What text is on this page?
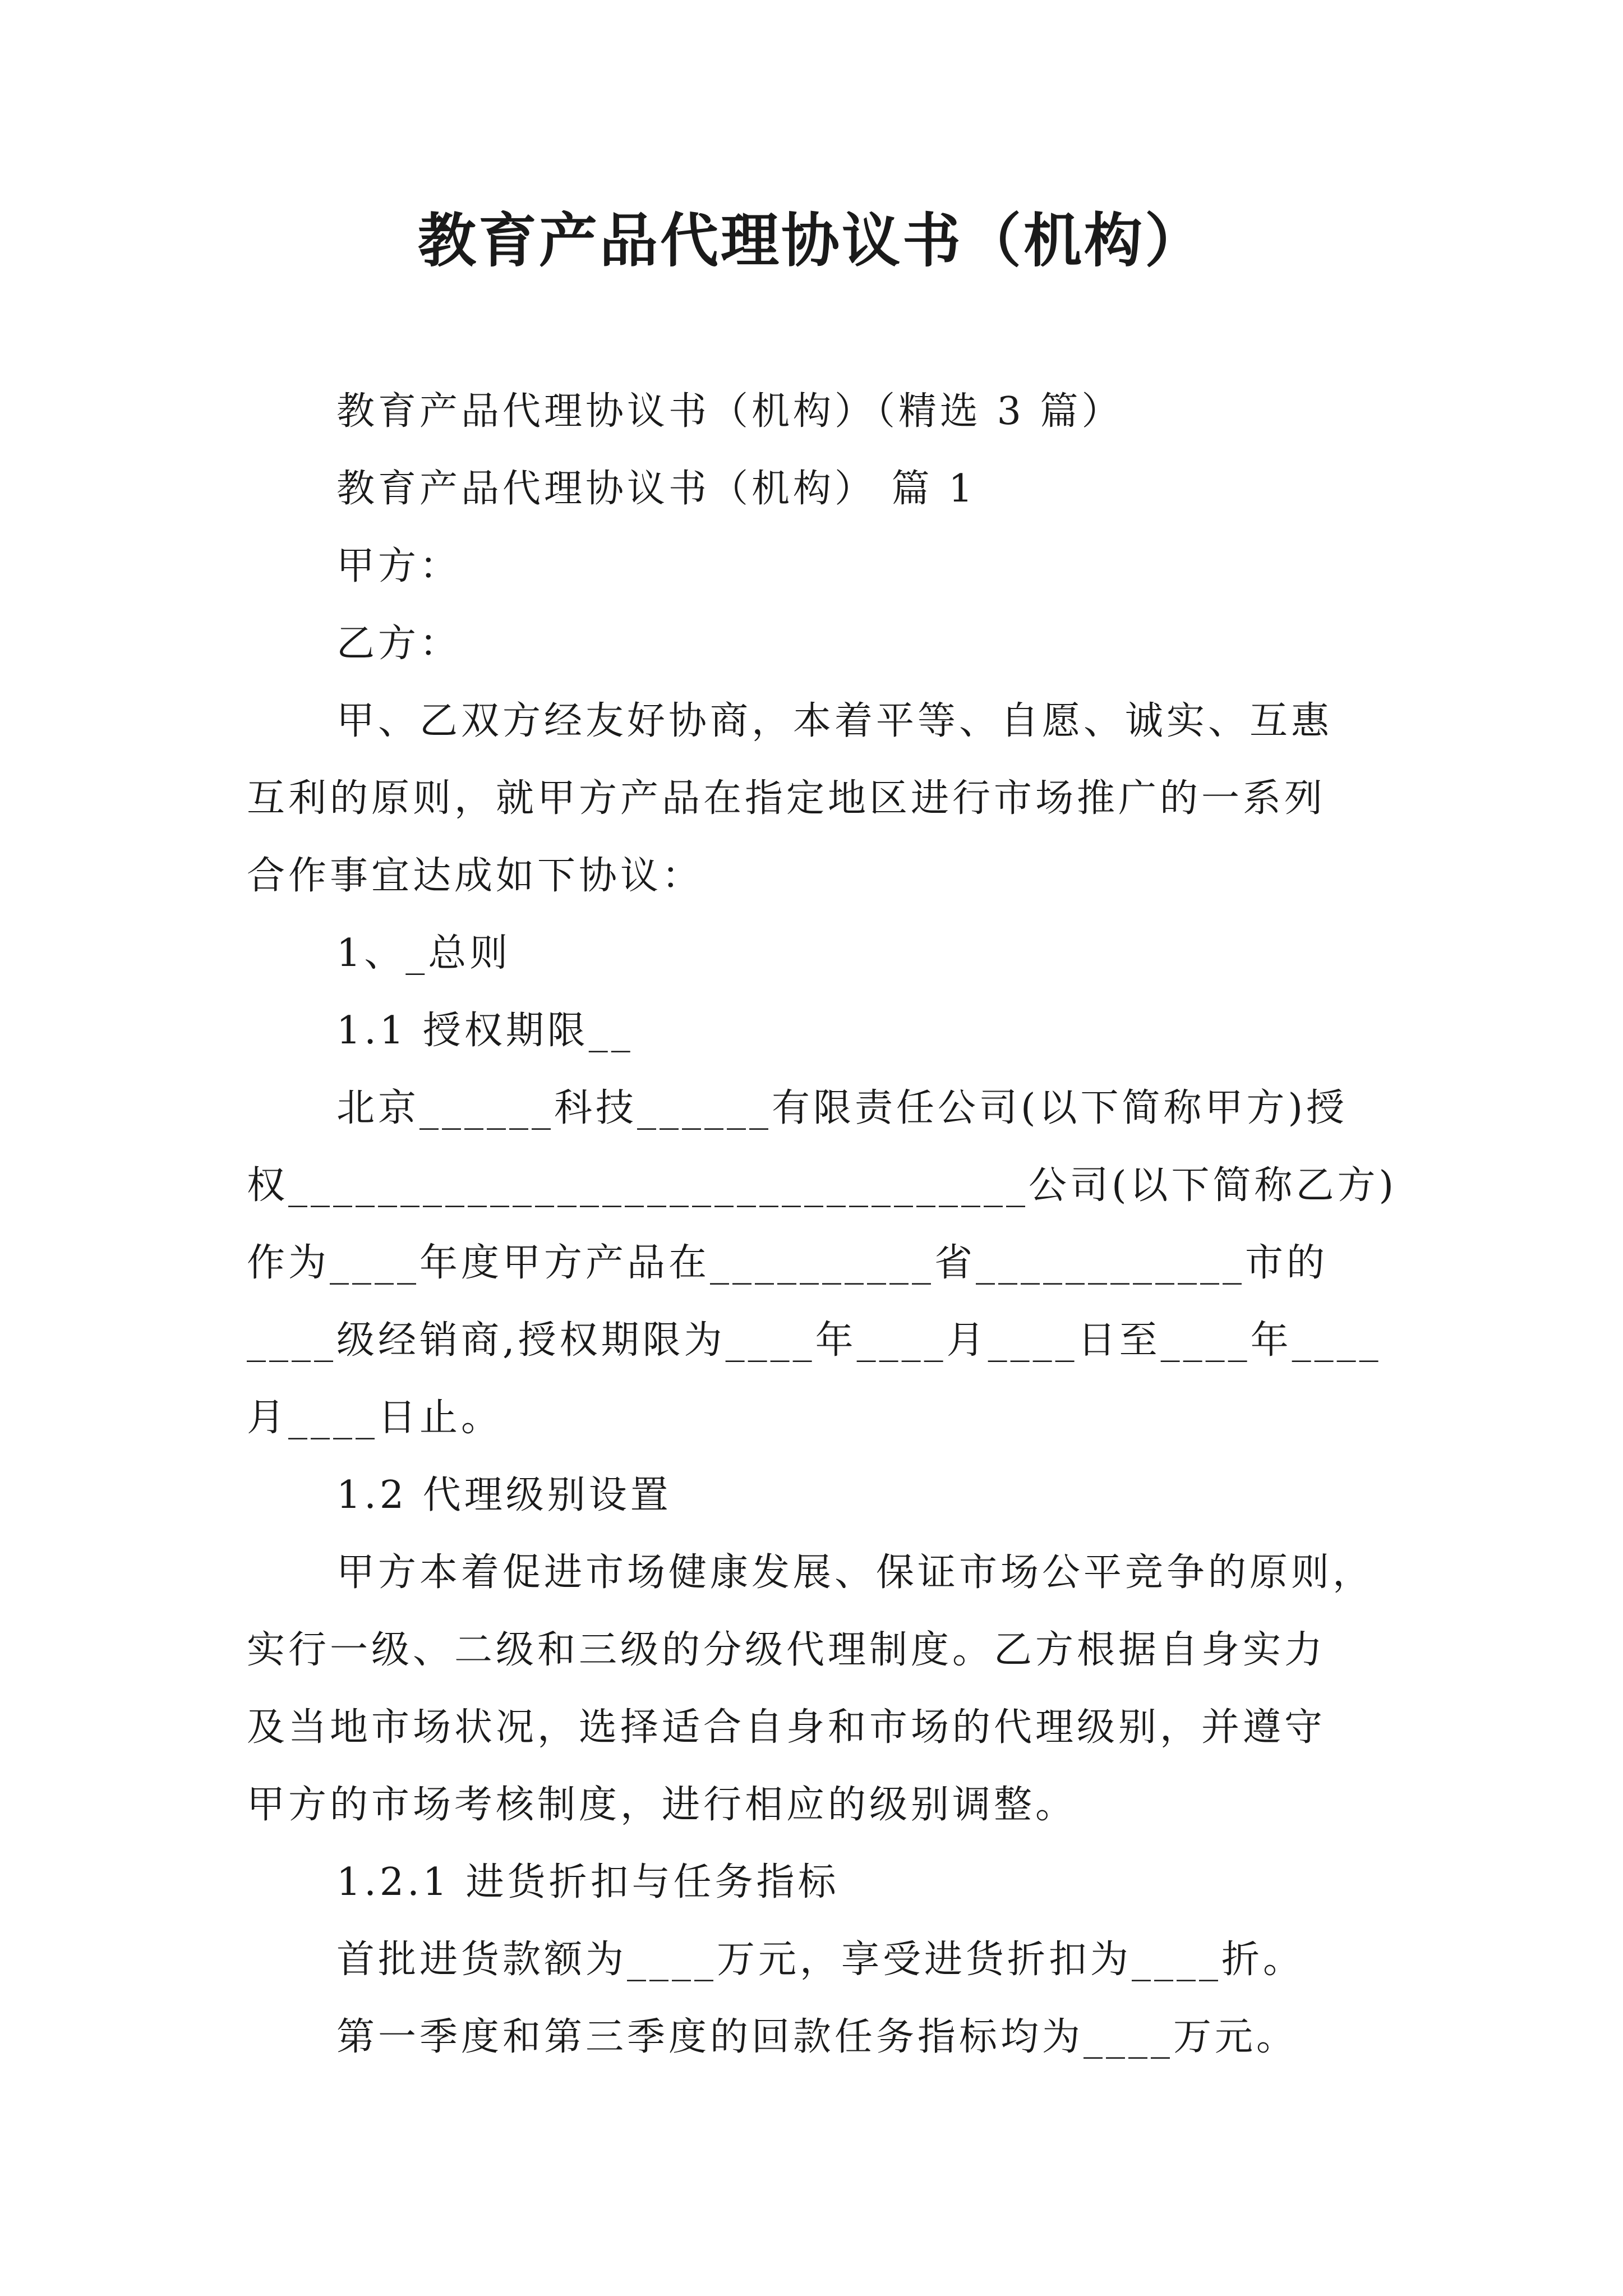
教育产品代理协议书（机构）
教育产品代理协议书（机构）（精选 3 篇）
教育产品代理协议书（机构） 篇 1
甲方：
乙方：
甲、乙双方经友好协商，本着平等、自愿、诚实、互惠
互利的原则，就甲方产品在指定地区进行市场推广的一系列
合作事宜达成如下协议：
1、_总则
1.1 授权期限__
北京______科技______有限责任公司(以下简称甲方)授
权_________________________________公司(以下简称乙方)
作为____年度甲方产品在__________省____________市的
____级经销商,授权期限为____年____月____日至____年____
月____日止。
1.2 代理级别设置
甲方本着促进市场健康发展、保证市场公平竞争的原则，
实行一级、二级和三级的分级代理制度。乙方根据自身实力
及当地市场状况，选择适合自身和市场的代理级别，并遵守
甲方的市场考核制度，进行相应的级别调整。
1.2.1 进货折扣与任务指标
首批进货款额为____万元，享受进货折扣为____折。
第一季度和第三季度的回款任务指标均为____万元。
